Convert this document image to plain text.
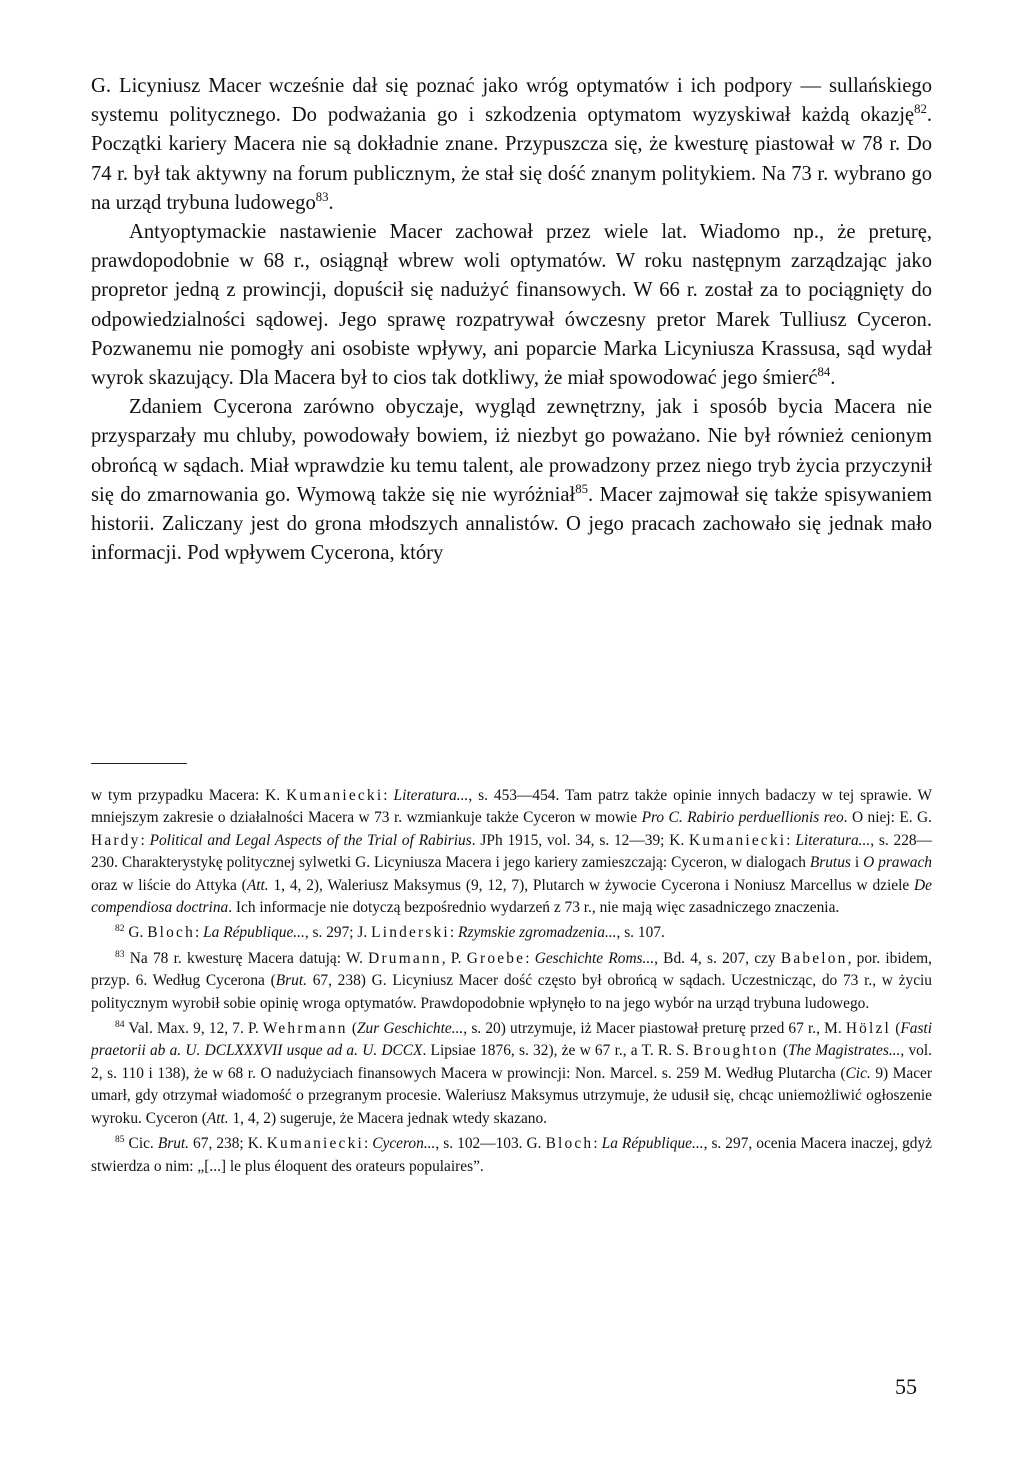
G. Licyniusz Macer wcześnie dał się poznać jako wróg optymatów i ich podpory — sullańskiego systemu politycznego. Do podważania go i szkodzenia optymatom wyzyskiwał każdą okazję$^{82}$. Początki kariery Macera nie są dokładnie znane. Przypuszcza się, że kwesturę piastował w 78 r. Do 74 r. był tak aktywny na forum publicznym, że stał się dość znanym politykiem. Na 73 r. wybrano go na urząd trybuna ludowego$^{83}$.

Antyoptymackie nastawienie Macer zachował przez wiele lat. Wiadomo np., że preturę, prawdopodobnie w 68 r., osiągnął wbrew woli optymatów. W roku następnym zarządzając jako propretor jedną z prowincji, dopuścił się nadużyć finansowych. W 66 r. został za to pociągnięty do odpowiedzialności sądowej. Jego sprawę rozpatrywał ówczesny pretor Marek Tulliusz Cyceron. Pozwanemu nie pomogły ani osobiste wpływy, ani poparcie Marka Licyniusza Krassusa, sąd wydał wyrok skazujący. Dla Macera był to cios tak dotkliwy, że miał spowodować jego śmierć$^{84}$.

Zdaniem Cycerona zarówno obyczaje, wygląd zewnętrzny, jak i sposób bycia Macera nie przysparzały mu chluby, powodowały bowiem, iż niezbyt go poważano. Nie był również cenionym obrońcą w sądach. Miał wprawdzie ku temu talent, ale prowadzony przez niego tryb życia przyczynił się do zmarnowania go. Wymową także się nie wyróżniał$^{85}$. Macer zajmował się także spisywaniem historii. Zaliczany jest do grona młodszych annalistów. O jego pracach zachowało się jednak mało informacji. Pod wpływem Cycerona, który

w tym przypadku Macera: K. Kumaniecki: Literatura..., s. 453—454. Tam patrz także opinie innych badaczy w tej sprawie. W mniejszym zakresie o działalności Macera w 73 r. wzmiankuje także Cyceron w mowie Pro C. Rabirio perduellionis reo. O niej: E. G. Hardy: Political and Legal Aspects of the Trial of Rabirius. JPh 1915, vol. 34, s. 12—39; K. Kumaniecki: Literatura..., s. 228—230. Charakterystykę politycznej sylwetki G. Licyniusza Macera i jego kariery zamieszczają: Cyceron, w dialogach Brutus i O prawach oraz w liście do Attyka (Att. 1, 4, 2), Waleriusz Maksymus (9, 12, 7), Plutarch w żywocie Cycerona i Noniusz Marcellus w dziele De compendiosa doctrina. Ich informacje nie dotyczą bezpośrednio wydarzeń z 73 r., nie mają więc zasadniczego znaczenia.

$^{82}$ G. Bloch: La République..., s. 297; J. Linderski: Rzymskie zgromadzenia..., s. 107.

$^{83}$ Na 78 r. kwesturę Macera datują: W. Drumann, P. Groebe: Geschichte Roms..., Bd. 4, s. 207, czy Babelon, por. ibidem, przyp. 6. Według Cycerona (Brut. 67, 238) G. Licyniusz Macer dość często był obrońcą w sądach. Uczestnicząc, do 73 r., w życiu politycznym wyrobił sobie opinię wroga optymatów. Prawdopodobnie wpłynęło to na jego wybór na urząd trybuna ludowego.

$^{84}$ Val. Max. 9, 12, 7. P. Wehrmann (Zur Geschichte..., s. 20) utrzymuje, iż Macer piastował preturę przed 67 r., M. Hölzl (Fasti praetorii ab a. U. DCLXXXVII usque ad a. U. DCCX. Lipsiae 1876, s. 32), że w 67 r., a T. R. S. Broughton (The Magistrates..., vol. 2, s. 110 i 138), że w 68 r. O nadużyciach finansowych Macera w prowincji: Non. Marcel. s. 259 M. Według Plutarcha (Cic. 9) Macer umarł, gdy otrzymał wiadomość o przegranym procesie. Waleriusz Maksymus utrzymuje, że udusił się, chcąc uniemożliwić ogłoszenie wyroku. Cyceron (Att. 1, 4, 2) sugeruje, że Macera jednak wtedy skazano.

$^{85}$ Cic. Brut. 67, 238; K. Kumaniecki: Cyceron..., s. 102—103. G. Bloch: La République..., s. 297, ocenia Macera inaczej, gdyż stwierdza o nim: „[...] le plus éloquent des orateurs populaires”.

55
